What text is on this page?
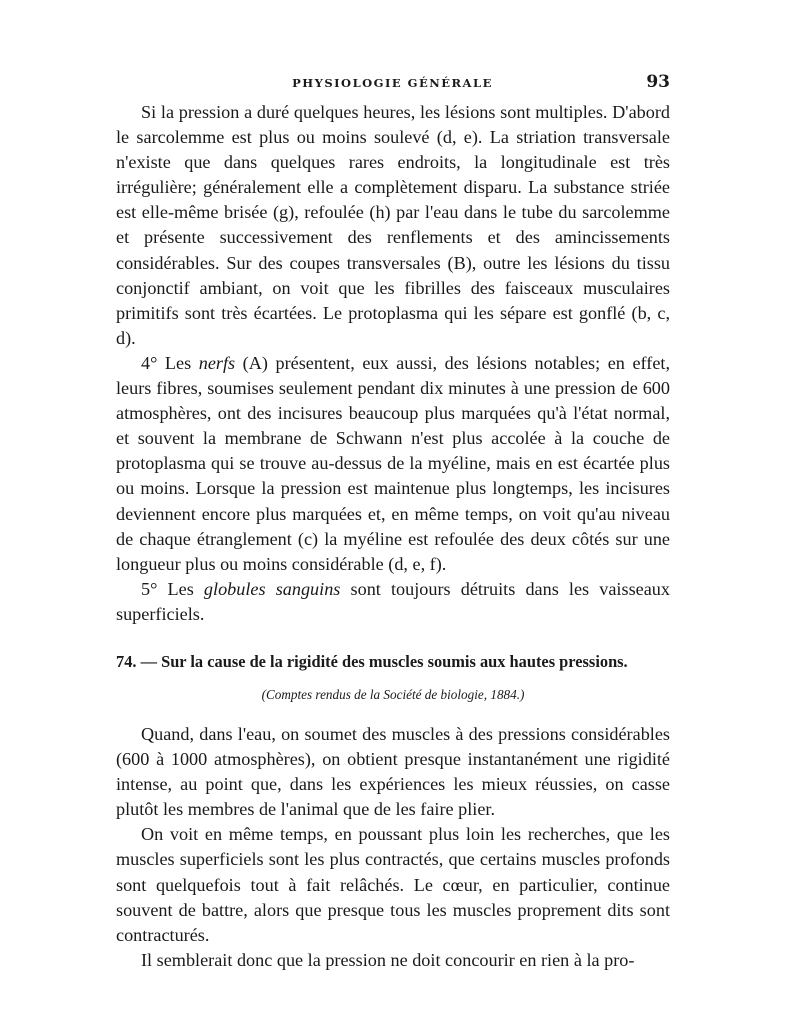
PHYSIOLOGIE GÉNÉRALE	93

Si la pression a duré quelques heures, les lésions sont multiples. D'abord le sarcolemme est plus ou moins soulevé (d, e). La striation transversale n'existe que dans quelques rares endroits, la longitudinale est très irrégulière; généralement elle a complètement disparu. La substance striée est elle-même brisée (g), refoulée (h) par l'eau dans le tube du sarcolemme et présente successivement des renflements et des amincissements considérables. Sur des coupes transversales (B), outre les lésions du tissu conjonctif ambiant, on voit que les fibrilles des faisceaux musculaires primitifs sont très écartées. Le protoplasma qui les sépare est gonflé (b, c, d).

4° Les nerfs (A) présentent, eux aussi, des lésions notables; en effet, leurs fibres, soumises seulement pendant dix minutes à une pression de 600 atmosphères, ont des incisures beaucoup plus marquées qu'à l'état normal, et souvent la membrane de Schwann n'est plus accolée à la couche de protoplasma qui se trouve au-dessus de la myéline, mais en est écartée plus ou moins. Lorsque la pression est maintenue plus longtemps, les incisures deviennent encore plus marquées et, en même temps, on voit qu'au niveau de chaque étranglement (c) la myéline est refoulée des deux côtés sur une longueur plus ou moins considérable (d, e, f).

5° Les globules sanguins sont toujours détruits dans les vaisseaux superficiels.

74. — Sur la cause de la rigidité des muscles soumis aux hautes pressions.
(Comptes rendus de la Société de biologie, 1884.)

Quand, dans l'eau, on soumet des muscles à des pressions considérables (600 à 1000 atmosphères), on obtient presque instantanément une rigidité intense, au point que, dans les expériences les mieux réussies, on casse plutôt les membres de l'animal que de les faire plier.

On voit en même temps, en poussant plus loin les recherches, que les muscles superficiels sont les plus contractés, que certains muscles profonds sont quelquefois tout à fait relâchés. Le cœur, en particulier, continue souvent de battre, alors que presque tous les muscles proprement dits sont contracturés.

Il semblerait donc que la pression ne doit concourir en rien à la pro-
